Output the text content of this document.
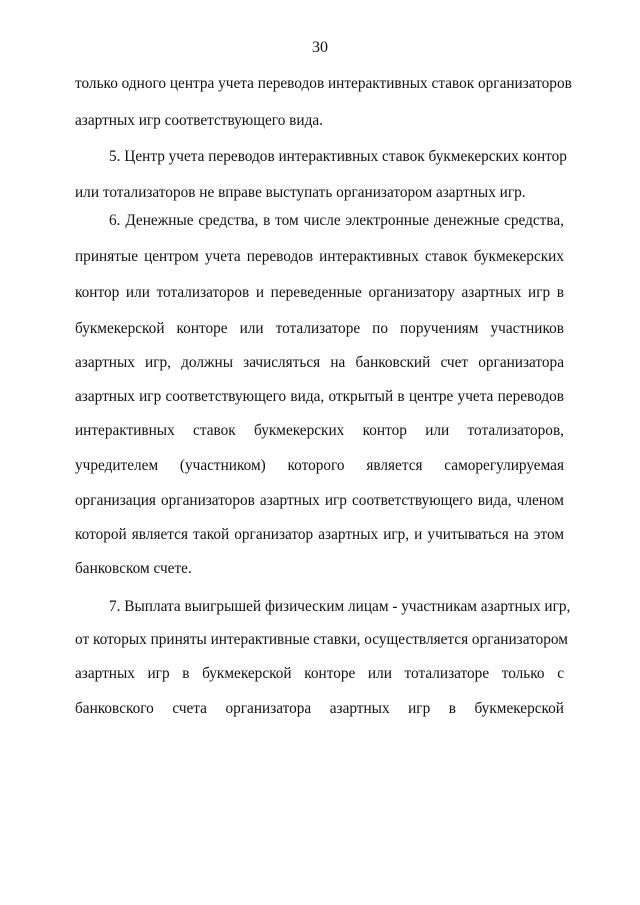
30
только одного центра учета переводов интерактивных ставок организаторов
азартных игр соответствующего вида.
5. Центр учета переводов интерактивных ставок букмекерских контор
или тотализаторов не вправе выступать организатором азартных игр.
6. Денежные средства, в том числе электронные денежные средства,
принятые центром учета переводов интерактивных ставок букмекерских
контор или тотализаторов и переведенные организатору азартных игр в
букмекерской конторе или тотализаторе по поручениям участников
азартных игр, должны зачисляться на банковский счет организатора
азартных игр соответствующего вида, открытый в центре учета переводов
интерактивных ставок букмекерских контор или тотализаторов,
учредителем (участником) которого является саморегулируемая
организация организаторов азартных игр соответствующего вида, членом
которой является такой организатор азартных игр, и учитываться на этом
банковском счете.
7. Выплата выигрышей физическим лицам - участникам азартных игр,
от которых приняты интерактивные ставки, осуществляется организатором
азартных игр в букмекерской конторе или тотализаторе только с
банковского счета организатора азартных игр в букмекерской
